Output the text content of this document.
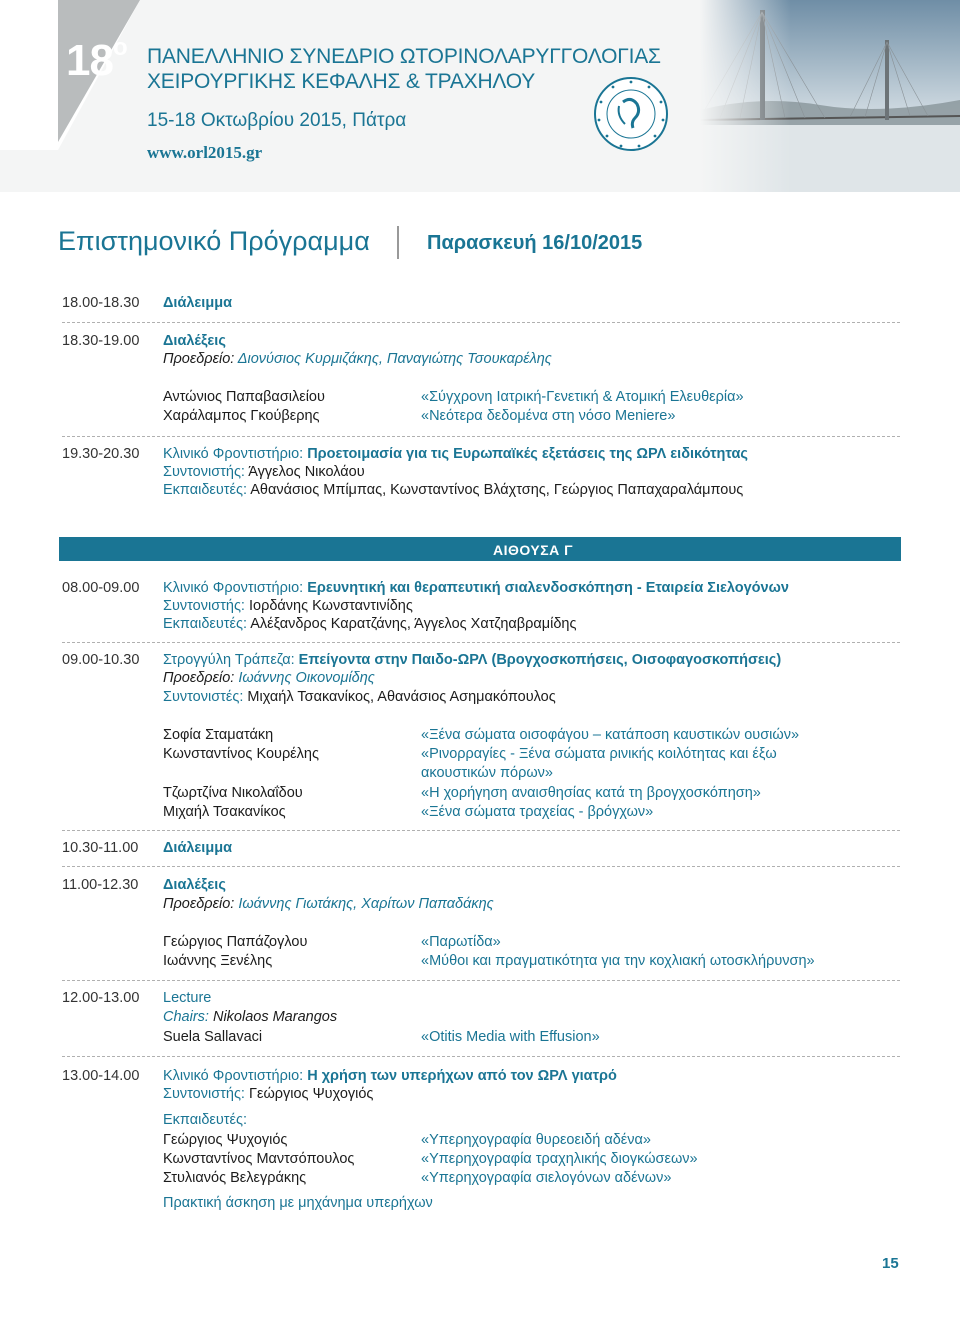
$18^o$ ΠΑΝΕΛΛΗΝΙΟ ΣΥΝΕΔΡΙΟ ΩΤΟΡΙΝΟΛΑΡΥΓΓΟΛΟΓΙΑΣ
ΧΕΙΡΟΥΡΓΙΚΗΣ ΚΕΦΑΛΗΣ & ΤΡΑΧΗΛΟΥ
15-18 Οκτωβρίου 2015, Πάτρα
www.orl2015.gr
Επιστημονικό Πρόγραμμα	Παρασκευή 16/10/2015
18.00-18.30 Διάλειμμα
18.30-19.00 Διαλέξεις
Προεδρείο: Διονύσιος Κυρμιζάκης, Παναγιώτης Τσουκαρέλης
Αντώνιος Παπαβασιλείου	«Σύγχρονη Ιατρική-Γενετική & Ατομική Ελευθερία»
Χαράλαμπος Γκούβερης	«Νεότερα δεδομένα στη νόσο Meniere»
19.30-20.30 Κλινικό Φροντιστήριο: Προετοιμασία για τις Ευρωπαϊκές εξετάσεις της ΩΡΛ ειδικότητας
Συντονιστής: Άγγελος Νικολάου
Εκπαιδευτές: Αθανάσιος Μπίμπας, Κωνσταντίνος Βλάχτσης, Γεώργιος Παπαχαραλάμπους
ΑΙΘΟΥΣΑ Γ
08.00-09.00 Κλινικό Φροντιστήριο: Ερευνητική και θεραπευτική σιαλενδοσκόπηση - Εταιρεία Σιελογόνων
Συντονιστής: Ιορδάνης Κωνσταντινίδης
Εκπαιδευτές: Αλέξανδρος Καρατζάνης, Άγγελος Χατζηαβραμίδης
09.00-10.30 Στρογγύλη Τράπεζα: Επείγοντα στην Παιδο-ΩΡΛ (Βρογχοσκοπήσεις, Οισοφαγοσκοπήσεις)
Προεδρείο: Ιωάννης Οικονομίδης
Συντονιστές: Μιχαήλ Τσακανίκος, Αθανάσιος Ασημακόπουλος
Σοφία Σταματάκη	«Ξένα σώματα οισοφάγου – κατάποση καυστικών ουσιών»
Κωνσταντίνος Κουρέλης	«Ρινορραγίες - Ξένα σώματα ρινικής κοιλότητας και έξω
ακουστικών πόρων»
Τζωρτζίνα Νικολαΐδου	«Η χορήγηση αναισθησίας κατά τη βρογχοσκόπηση»
Μιχαήλ Τσακανίκος	«Ξένα σώματα τραχείας - βρόγχων»
10.30-11.00 Διάλειμμα
11.00-12.30 Διαλέξεις
Προεδρείο: Ιωάννης Γιωτάκης, Χαρίτων Παπαδάκης
Γεώργιος Παπάζογλου	«Παρωτίδα»
Ιωάννης Ξενέλης	«Μύθοι και πραγματικότητα για την κοχλιακή ωτοσκλήρυνση»
12.00-13.00 Lecture
Chairs: Nikolaos Marangos
Suela Sallavaci	«Otitis Media with Effusion»
13.00-14.00 Κλινικό Φροντιστήριο: Η χρήση των υπερήχων από τον ΩΡΛ γιατρό
Συντονιστής: Γεώργιος Ψυχογιός
Εκπαιδευτές:
Γεώργιος Ψυχογιός	«Υπερηχογραφία θυρεοειδή αδένα»
Κωνσταντίνος Μαντσόπουλος	«Υπερηχογραφία τραχηλικής διογκώσεων»
Στυλιανός Βελεγράκης	«Υπερηχογραφία σιελογόνων αδένων»
Πρακτική άσκηση με μηχάνημα υπερήχων
15
